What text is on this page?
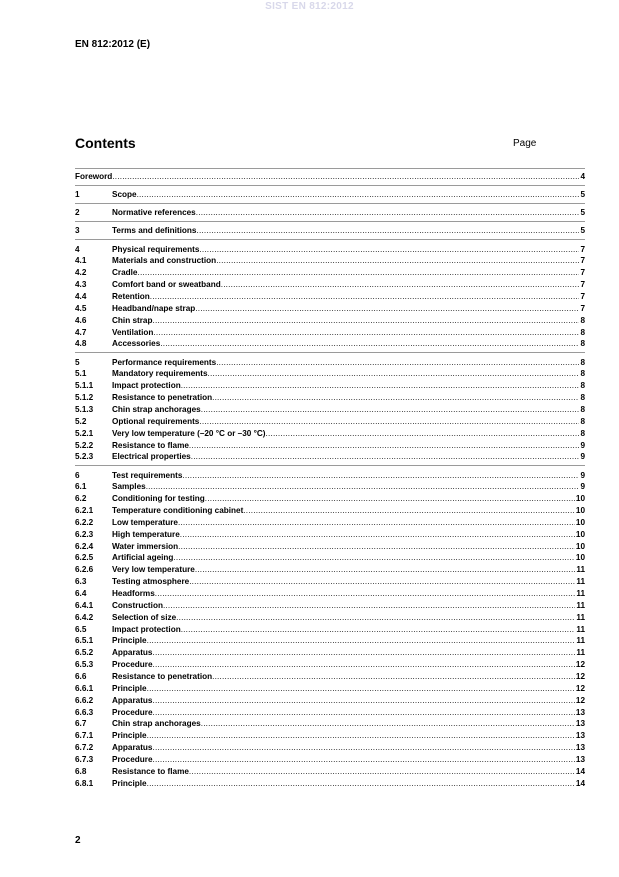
SIST EN 812:2012
EN 812:2012 (E)
Contents	Page
Foreword .....	4
1	Scope .....	5
2	Normative references .....	5
3	Terms and definitions .....	5
4	Physical requirements .....	7
4.1	Materials and construction .....	7
4.2	Cradle .....	7
4.3	Comfort band or sweatband .....	7
4.4	Retention .....	7
4.5	Headband/nape strap .....	7
4.6	Chin strap .....	8
4.7	Ventilation .....	8
4.8	Accessories .....	8
5	Performance requirements .....	8
5.1	Mandatory requirements .....	8
5.1.1	Impact protection .....	8
5.1.2	Resistance to penetration .....	8
5.1.3	Chin strap anchorages .....	8
5.2	Optional requirements .....	8
5.2.1	Very low temperature (–20 °C or –30 °C) .....	8
5.2.2	Resistance to flame .....	9
5.2.3	Electrical properties .....	9
6	Test requirements .....	9
6.1	Samples .....	9
6.2	Conditioning for testing .....	10
6.2.1	Temperature conditioning cabinet .....	10
6.2.2	Low temperature .....	10
6.2.3	High temperature .....	10
6.2.4	Water immersion .....	10
6.2.5	Artificial ageing .....	10
6.2.6	Very low temperature .....	11
6.3	Testing atmosphere .....	11
6.4	Headforms .....	11
6.4.1	Construction .....	11
6.4.2	Selection of size .....	11
6.5	Impact protection .....	11
6.5.1	Principle .....	11
6.5.2	Apparatus .....	11
6.5.3	Procedure .....	12
6.6	Resistance to penetration .....	12
6.6.1	Principle .....	12
6.6.2	Apparatus .....	12
6.6.3	Procedure .....	13
6.7	Chin strap anchorages .....	13
6.7.1	Principle .....	13
6.7.2	Apparatus .....	13
6.7.3	Procedure .....	13
6.8	Resistance to flame .....	14
6.8.1	Principle .....	14
2
